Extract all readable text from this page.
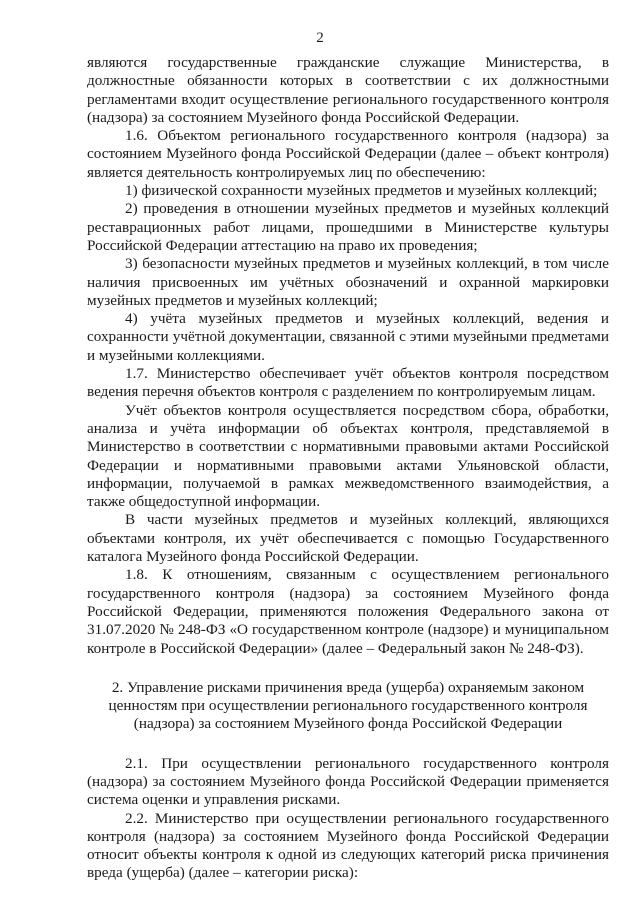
2

являются государственные гражданские служащие Министерства, в должностные обязанности которых в соответствии с их должностными регламентами входит осуществление регионального государственного контроля (надзора) за состоянием Музейного фонда Российской Федерации.

1.6. Объектом регионального государственного контроля (надзора) за состоянием Музейного фонда Российской Федерации (далее – объект контроля) является деятельность контролируемых лиц по обеспечению:

1) физической сохранности музейных предметов и музейных коллекций;

2) проведения в отношении музейных предметов и музейных коллекций реставрационных работ лицами, прошедшими в Министерстве культуры Российской Федерации аттестацию на право их проведения;

3) безопасности музейных предметов и музейных коллекций, в том числе наличия присвоенных им учётных обозначений и охранной маркировки музейных предметов и музейных коллекций;

4) учёта музейных предметов и музейных коллекций, ведения и сохранности учётной документации, связанной с этими музейными предметами и музейными коллекциями.

1.7. Министерство обеспечивает учёт объектов контроля посредством ведения перечня объектов контроля с разделением по контролируемым лицам.

Учёт объектов контроля осуществляется посредством сбора, обработки, анализа и учёта информации об объектах контроля, представляемой в Министерство в соответствии с нормативными правовыми актами Российской Федерации и нормативными правовыми актами Ульяновской области, информации, получаемой в рамках межведомственного взаимодействия, а также общедоступной информации.

В части музейных предметов и музейных коллекций, являющихся объектами контроля, их учёт обеспечивается с помощью Государственного каталога Музейного фонда Российской Федерации.

1.8. К отношениям, связанным с осуществлением регионального государственного контроля (надзора) за состоянием Музейного фонда Российской Федерации, применяются положения Федерального закона от 31.07.2020 № 248-ФЗ «О государственном контроле (надзоре) и муниципальном контроле в Российской Федерации» (далее – Федеральный закон № 248-ФЗ).

2. Управление рисками причинения вреда (ущерба) охраняемым законом
ценностям при осуществлении регионального государственного контроля
(надзора) за состоянием Музейного фонда Российской Федерации

2.1. При осуществлении регионального государственного контроля (надзора) за состоянием Музейного фонда Российской Федерации применяется система оценки и управления рисками.

2.2. Министерство при осуществлении регионального государственного контроля (надзора) за состоянием Музейного фонда Российской Федерации относит объекты контроля к одной из следующих категорий риска причинения вреда (ущерба) (далее – категории риска):
